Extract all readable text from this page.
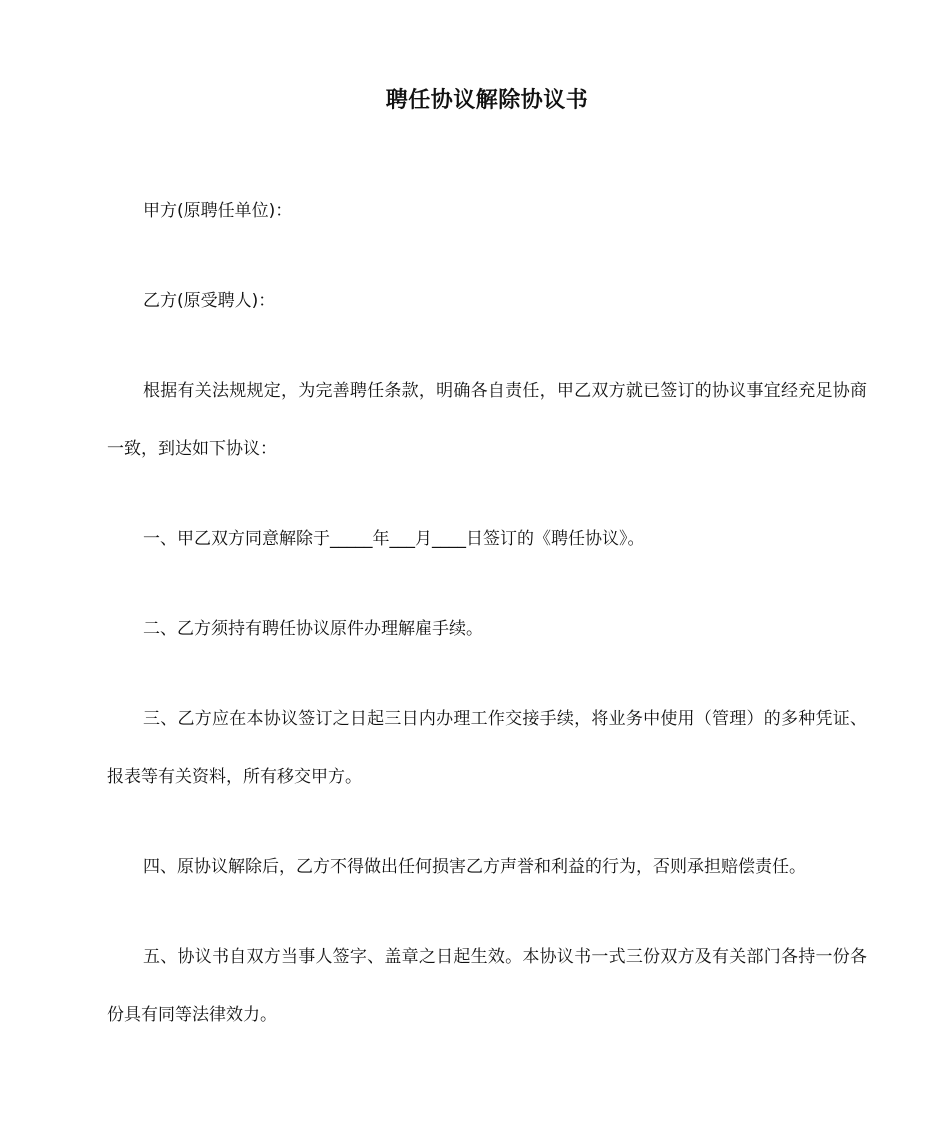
聘任协议解除协议书

甲方(原聘任单位)：

乙方(原受聘人)：

根据有关法规规定，为完善聘任条款，明确各自责任，甲乙双方就已签订的协议事宜经充足协商一致，到达如下协议：

一、甲乙双方同意解除于_____年___月____日签订的《聘任协议》。

二、乙方须持有聘任协议原件办理解雇手续。

三、乙方应在本协议签订之日起三日内办理工作交接手续，将业务中使用（管理）的多种凭证、报表等有关资料，所有移交甲方。

四、原协议解除后，乙方不得做出任何损害乙方声誉和利益的行为，否则承担赔偿责任。

五、协议书自双方当事人签字、盖章之日起生效。本协议书一式三份双方及有关部门各持一份各份具有同等法律效力。
